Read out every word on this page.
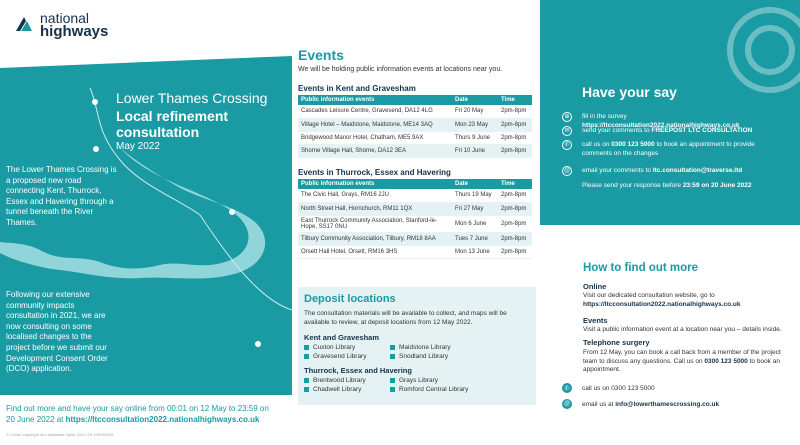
national
highways
Lower Thames Crossing
Local refinement consultation
May 2022
The Lower Thames Crossing is a proposed new road connecting Kent, Thurrock, Essex and Havering through a tunnel beneath the River Thames.
Following our extensive community impacts consultation in 2021, we are now consulting on some localised changes to the project before we submit our Development Consent Order (DCO) application.
Find out more and have your say online from 00:01 on 12 May to 23:59 on 20 June 2022 at https://ltcconsultation2022.nationalhighways.co.uk
© Crown copyright and database rights 2021 OS 100030649
Events
We will be holding public information events at locations near you.
Events in Kent and Gravesham
Public information events	Date	Time
Cascades Leisure Centre, Gravesend, DA12 4LG	Fri 20 May	2pm-8pm
Village Hotel – Maidstone, Maidstone, ME14 3AQ	Mon 23 May	2pm-8pm
Bridgewood Manor Hotel, Chatham, ME5 9AX	Thurs 9 June	2pm-8pm
Shorne Village Hall, Shorne, DA12 3EA	Fri 10 June	2pm-8pm
Events in Thurrock, Essex and Havering
Public information events	Date	Time
The Civic Hall, Grays, RM16 2JU	Thurs 19 May	2pm-8pm
North Street Hall, Hornchurch, RM11 1QX	Fri 27 May	2pm-8pm
East Thurrock Community Association, Stanford-le-Hope, SS17 0NU	Mon 6 June	2pm-8pm
Tilbury Community Association, Tilbury, RM18 8AA	Tues 7 June	2pm-8pm
Orsett Hall Hotel, Orsett, RM16 3HS	Mon 13 June	2pm-8pm
Deposit locations
The consultation materials will be available to collect, and maps will be available to review, at deposit locations from 12 May 2022.
Kent and Gravesham
Cuxton Library	Maidstone Library
Gravesend Library	Snodland Library
Thurrock, Essex and Havering
Brentwood Library	Grays Library
Chadwell Library	Romford Central Library
Have your say
⊕	fill in the survey https://ltcconsultation2022.nationalhighways.co.uk
✉	send your comments to FREEPOST LTC CONSULTATION
✆	call us on 0300 123 5000 to book an appointment to provide comments on the changes
@	email your comments to ltc.consultation@traverse.ltd
Please send your response before 23:59 on 20 June 2022
How to find out more
Online
Visit our dedicated consultation website, go to
https://ltcconsultation2022.nationalhighways.co.uk
Events
Visit a public information event at a location near you – details inside.
Telephone surgery
From 12 May, you can book a call back from a member of the project team to discuss any questions. Call us on 0300 123 5000 to book an appointment.
✆	call us on 0300 123 5000
@	email us at info@lowerthamescrossing.co.uk
